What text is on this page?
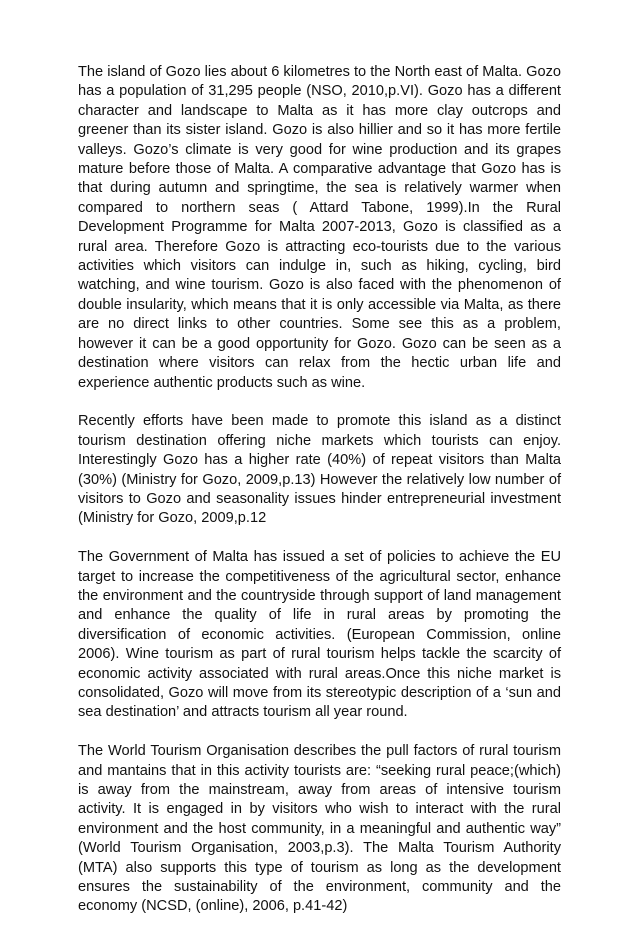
The island of Gozo lies about 6 kilometres to the North east of Malta. Gozo has a population of 31,295 people (NSO, 2010,p.VI). Gozo has a different character and landscape to Malta as it has more clay outcrops and greener than its sister island. Gozo is also hillier and so it has more fertile valleys. Gozo’s climate is very good for wine production and its grapes mature before those of Malta. A comparative advantage that Gozo has is that during autumn and springtime, the sea is relatively warmer when compared to northern seas ( Attard Tabone, 1999).In the Rural Development Programme for Malta 2007-2013, Gozo is classified as a rural area. Therefore Gozo is attracting eco-tourists due to the various activities which visitors can indulge in, such as hiking, cycling, bird watching, and wine tourism. Gozo is also faced with the phenomenon of double insularity, which means that it is only accessible via Malta, as there are no direct links to other countries. Some see this as a problem, however it can be a good opportunity for Gozo. Gozo can be seen as a destination where visitors can relax from the hectic urban life and experience authentic products such as wine.

Recently efforts have been made to promote this island as a distinct tourism destination offering niche markets which tourists can enjoy. Interestingly Gozo has a higher rate (40%) of repeat visitors than Malta (30%) (Ministry for Gozo, 2009,p.13) However the relatively low number of visitors to Gozo and seasonality issues hinder entrepreneurial investment (Ministry for Gozo, 2009,p.12

The Government of Malta has issued a set of policies to achieve the EU target to increase the competitiveness of the agricultural sector, enhance the environment and the countryside through support of land management and enhance the quality of life in rural areas by promoting the diversification of economic activities. (European Commission, online 2006). Wine tourism as part of rural tourism helps tackle the scarcity of economic activity associated with rural areas.Once this niche market is consolidated, Gozo will move from its stereotypic description of a ‘sun and sea destination’ and attracts tourism all year round.

The World Tourism Organisation describes the pull factors of rural tourism and mantains that in this activity tourists are: “seeking rural peace;(which) is away from the mainstream, away from areas of intensive tourism activity. It is engaged in by visitors who wish to interact with the rural environment and the host community, in a meaningful and authentic way” (World Tourism Organisation, 2003,p.3). The Malta Tourism Authority (MTA) also supports this type of tourism as long as the development ensures the sustainability of the environment, community and the economy (NCSD, (online), 2006, p.41-42)
